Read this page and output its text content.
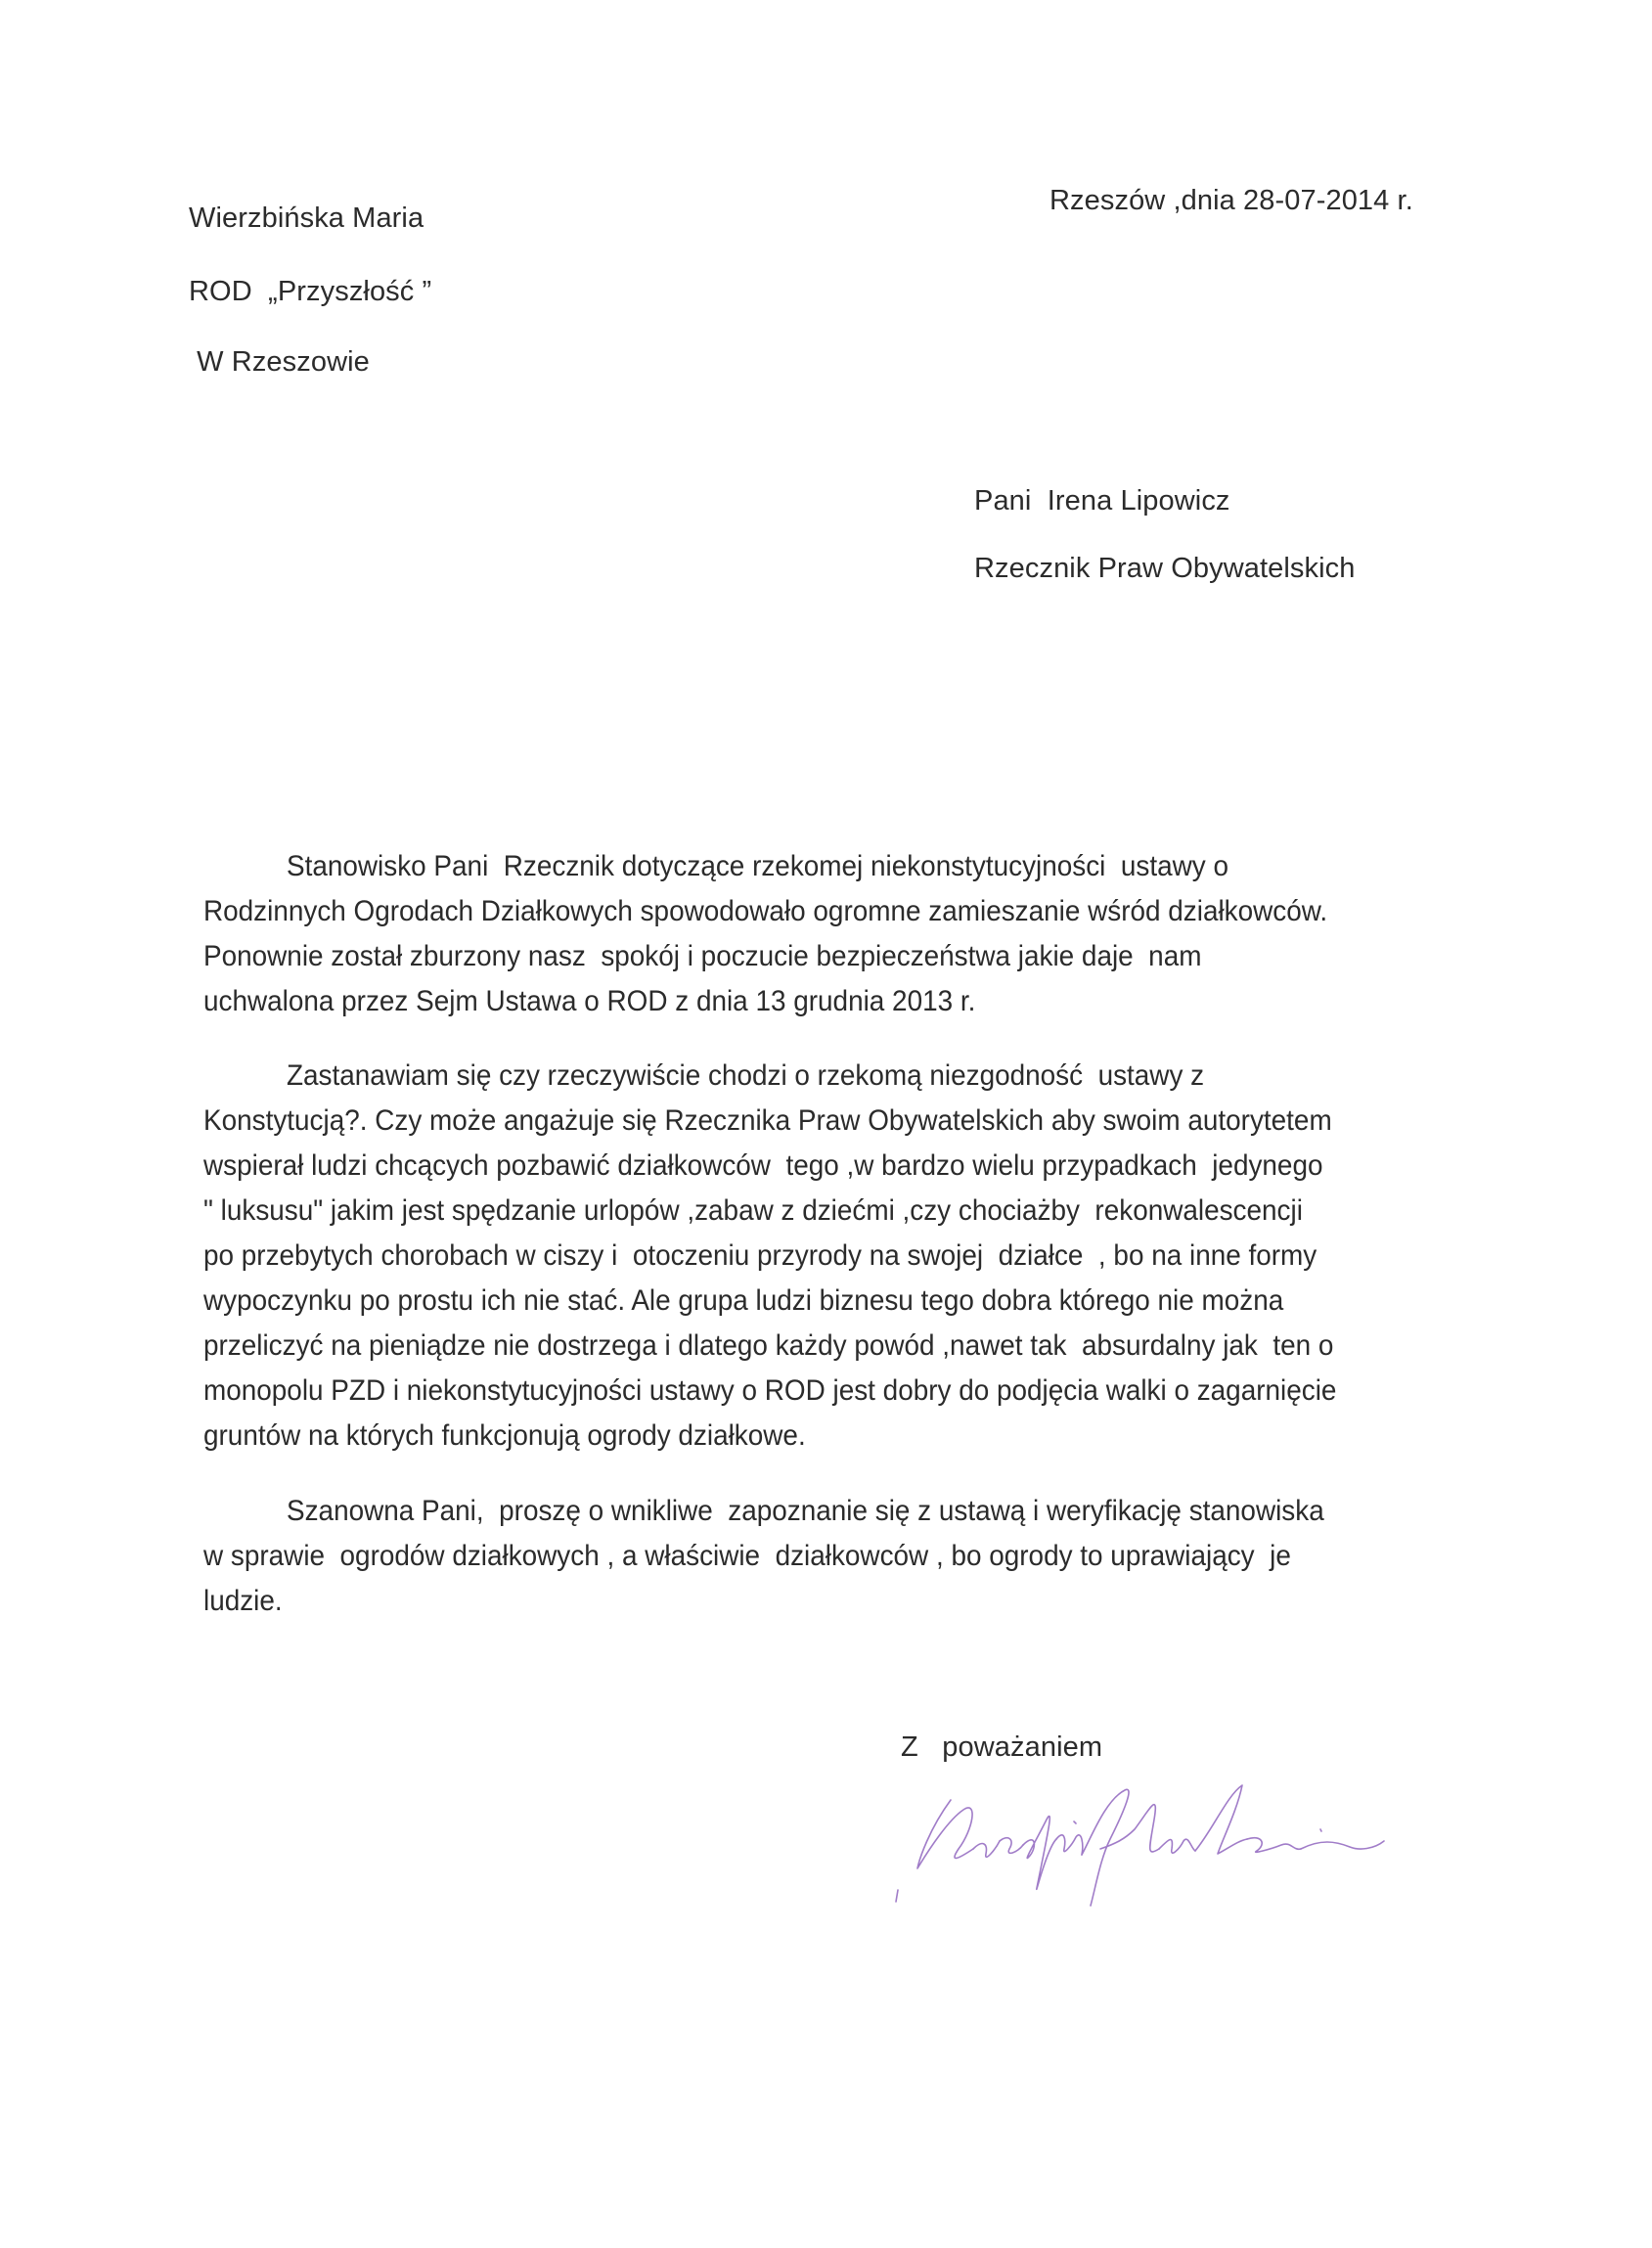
Wierzbińska Maria
ROD  „Przyszłość ”
W Rzeszowie
Rzeszów ,dnia 28-07-2014 r.
Pani  Irena Lipowicz
Rzecznik Praw Obywatelskich
Stanowisko Pani  Rzecznik dotyczące rzekomej niekonstytucyjności  ustawy o
Rodzinnych Ogrodach Działkowych spowodowało ogromne zamieszanie wśród działkowców.
Ponownie został zburzony nasz  spokój i poczucie bezpieczeństwa jakie daje  nam
uchwalona przez Sejm Ustawa o ROD z dnia 13 grudnia 2013 r.
Zastanawiam się czy rzeczywiście chodzi o rzekomą niezgodność  ustawy z
Konstytucją?. Czy może angażuje się Rzecznika Praw Obywatelskich aby swoim autorytetem
wspierał ludzi chcących pozbawić działkowców  tego ,w bardzo wielu przypadkach  jedynego
" luksusu" jakim jest spędzanie urlopów ,zabaw z dziećmi ,czy chociażby  rekonwalescencji
po przebytych chorobach w ciszy i  otoczeniu przyrody na swojej  działce  , bo na inne formy
wypoczynku po prostu ich nie stać. Ale grupa ludzi biznesu tego dobra którego nie można
przeliczyć na pieniądze nie dostrzega i dlatego każdy powód ,nawet tak  absurdalny jak  ten o
monopolu PZD i niekonstytucyjności ustawy o ROD jest dobry do podjęcia walki o zagarnięcie
gruntów na których funkcjonują ogrody działkowe.
Szanowna Pani,  proszę o wnikliwe  zapoznanie się z ustawą i weryfikację stanowiska
w sprawie  ogrodów działkowych , a właściwie  działkowców , bo ogrody to uprawiający  je
ludzie.
Z   poważaniem
